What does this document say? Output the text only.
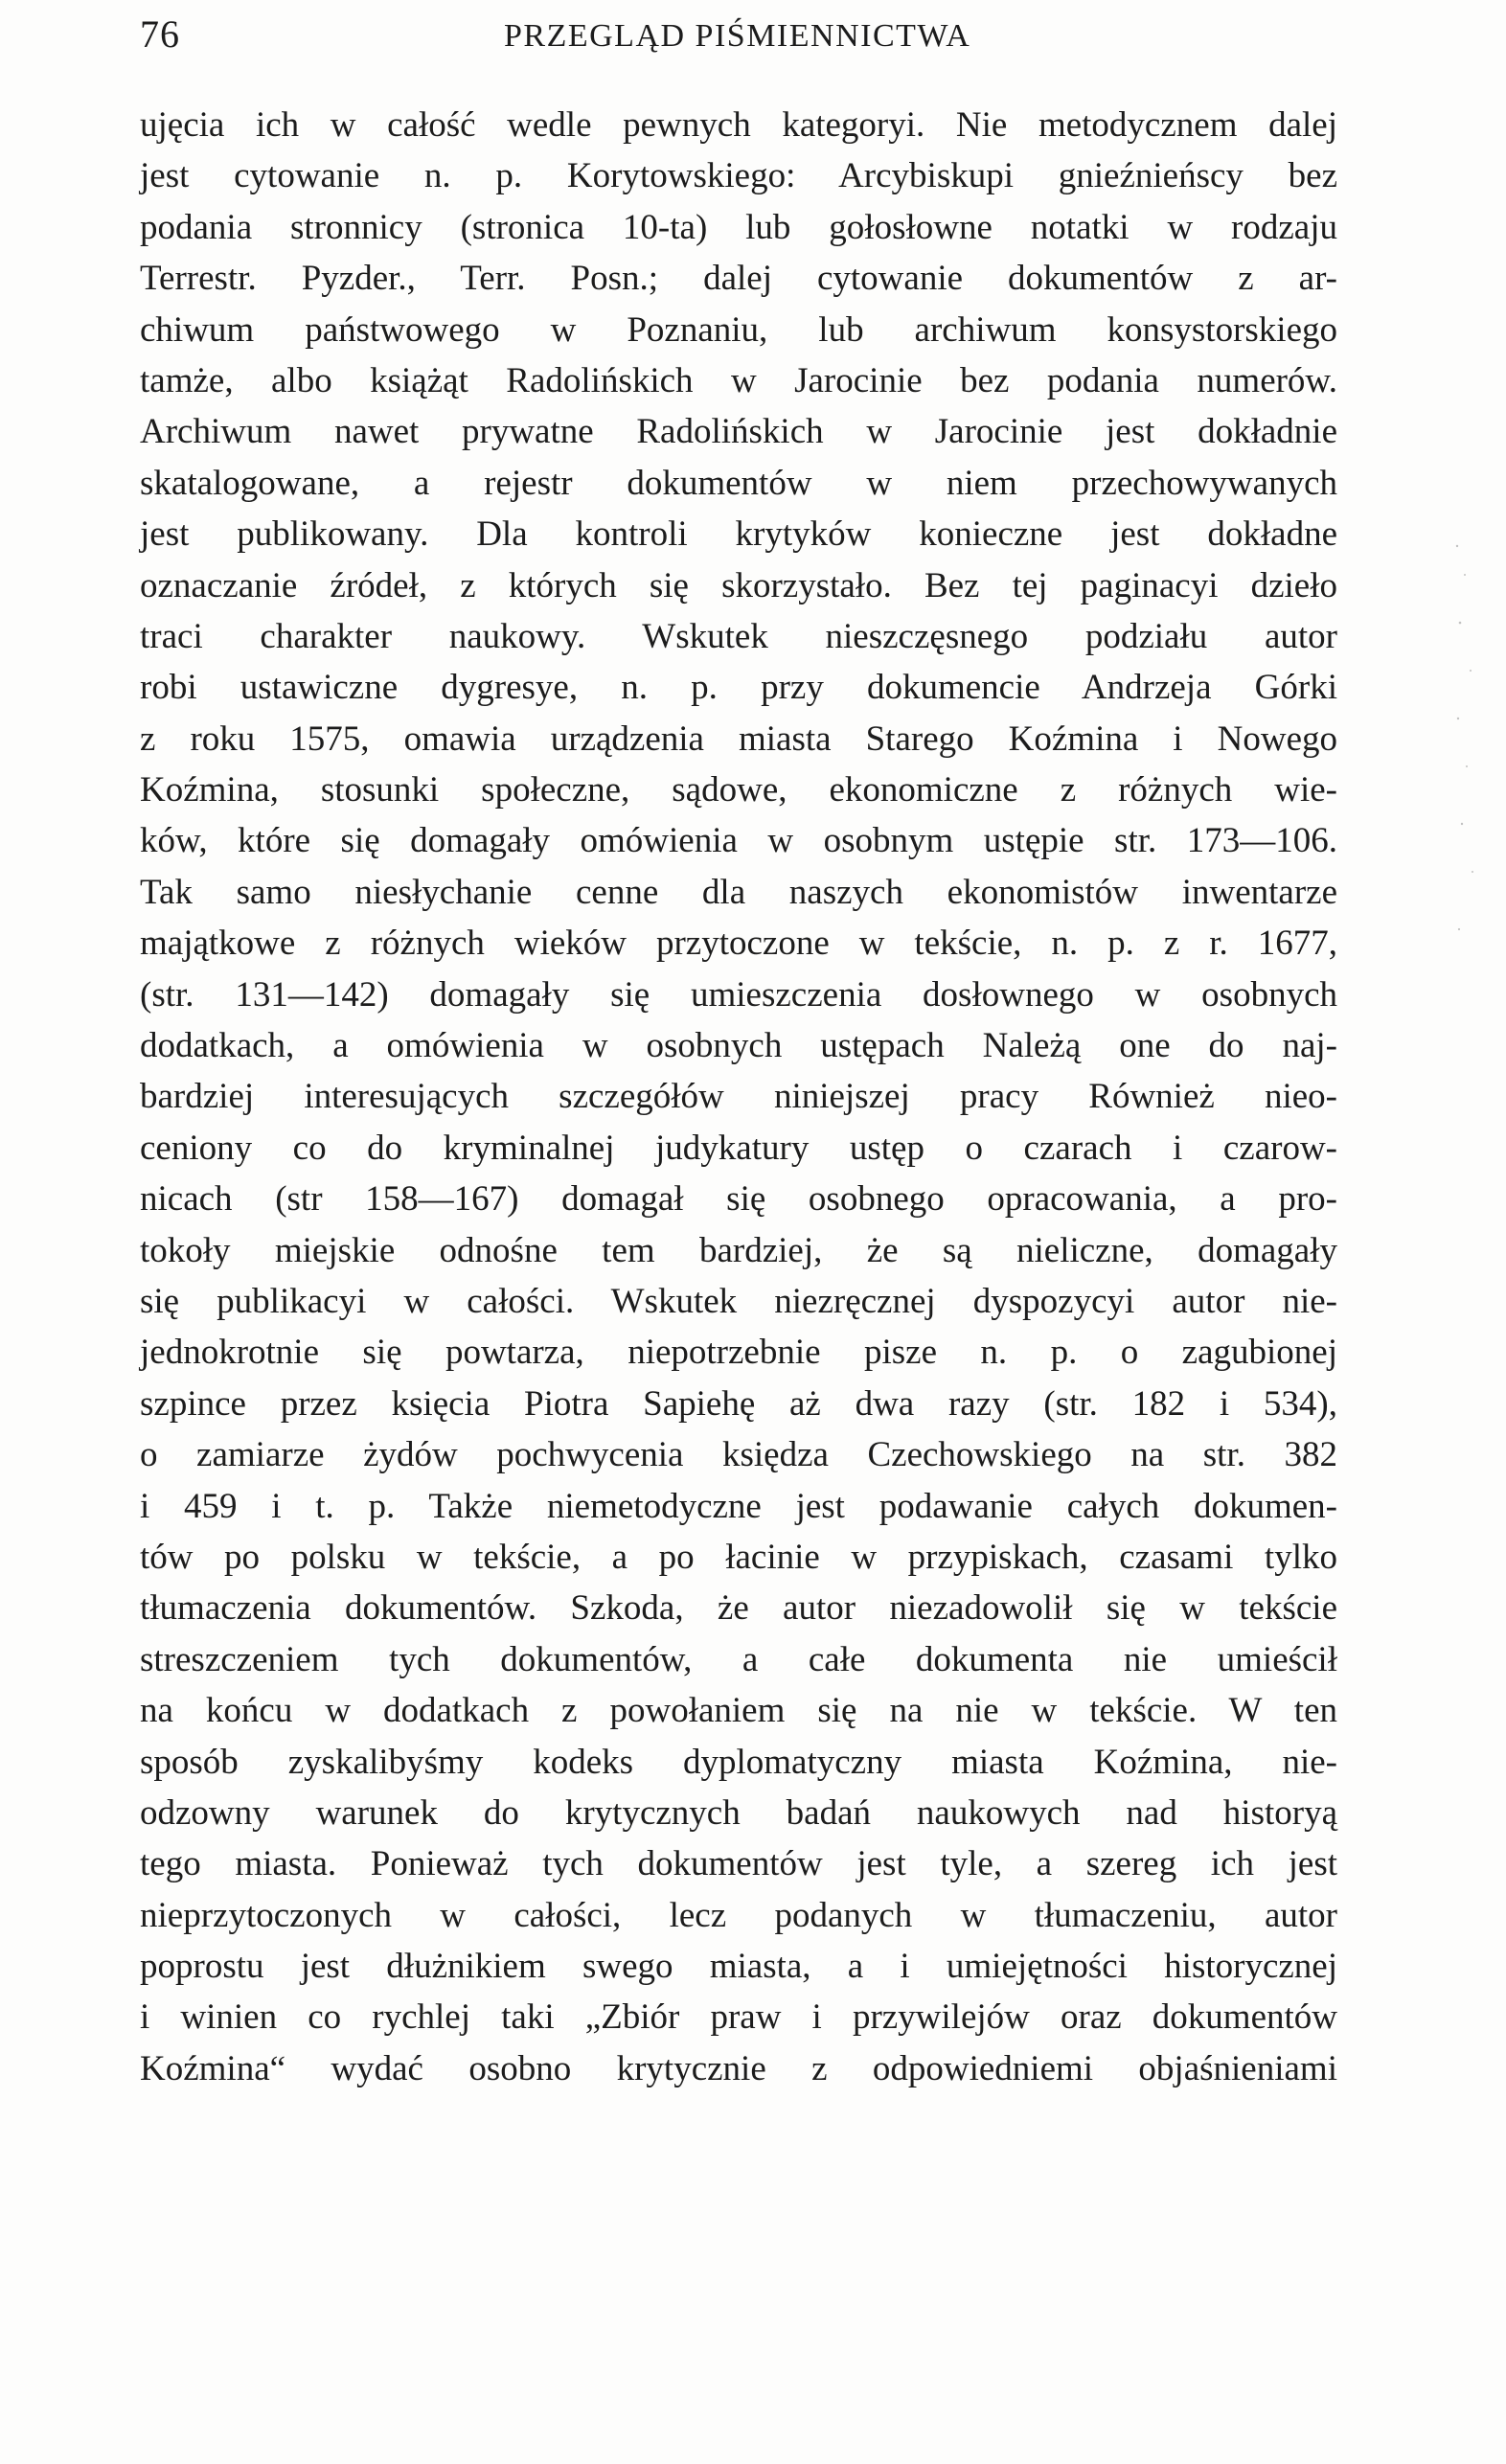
76	PRZEGLĄD PIŚMIENNICTWA
ujęcia ich w całość wedle pewnych kategoryi. Nie metodycznem dalej
jest cytowanie n. p. Korytowskiego: Arcybiskupi gnieźnieńscy bez
podania stronnicy (stronica 10-ta) lub gołosłowne notatki w rodzaju
Terrestr. Pyzder., Terr. Posn.; dalej cytowanie dokumentów z ar-
chiwum państwowego w Poznaniu, lub archiwum konsystorskiego
tamże, albo książąt Radolińskich w Jarocinie bez podania numerów.
Archiwum nawet prywatne Radolińskich w Jarocinie jest dokładnie
skatalogowane, a rejestr dokumentów w niem przechowywanych
jest publikowany. Dla kontroli krytyków konieczne jest dokładne
oznaczanie źródeł, z których się skorzystało. Bez tej paginacyi dzieło
traci charakter naukowy. Wskutek nieszczęsnego podziału autor
robi ustawiczne dygresye, n. p. przy dokumencie Andrzeja Górki
z roku 1575, omawia urządzenia miasta Starego Koźmina i Nowego
Koźmina, stosunki społeczne, sądowe, ekonomiczne z różnych wie-
ków, które się domagały omówienia w osobnym ustępie str. 173—106.
Tak samo niesłychanie cenne dla naszych ekonomistów inwentarze
majątkowe z różnych wieków przytoczone w tekście, n. p. z r. 1677,
(str. 131—142) domagały się umieszczenia dosłownego w osobnych
dodatkach, a omówienia w osobnych ustępach Należą one do naj-
bardziej interesujących szczegółów niniejszej pracy Również nieo-
ceniony co do kryminalnej judykatury ustęp o czarach i czarow-
nicach (str 158—167) domagał się osobnego opracowania, a pro-
tokoły miejskie odnośne tem bardziej, że są nieliczne, domagały
się publikacyi w całości. Wskutek niezręcznej dyspozycyi autor nie-
jednokrotnie się powtarza, niepotrzebnie pisze n. p. o zagubionej
szpince przez księcia Piotra Sapiehę aż dwa razy (str. 182 i 534),
o zamiarze żydów pochwycenia księdza Czechowskiego na str. 382
i 459 i t. p. Także niemetodyczne jest podawanie całych dokumen-
tów po polsku w tekście, a po łacinie w przypiskach, czasami tylko
tłumaczenia dokumentów. Szkoda, że autor niezadowolił się w tekście
streszczeniem tych dokumentów, a całe dokumenta nie umieścił
na końcu w dodatkach z powołaniem się na nie w tekście. W ten
sposób zyskalibyśmy kodeks dyplomatyczny miasta Koźmina, nie-
odzowny warunek do krytycznych badań naukowych nad historyą
tego miasta. Ponieważ tych dokumentów jest tyle, a szereg ich jest
nieprzytoczonych w całości, lecz podanych w tłumaczeniu, autor
poprostu jest dłużnikiem swego miasta, a i umiejętności historycznej
i winien co rychlej taki „Zbiór praw i przywilejów oraz dokumentów
Koźmina“ wydać osobno krytycznie z odpowiedniemi objaśnieniami
